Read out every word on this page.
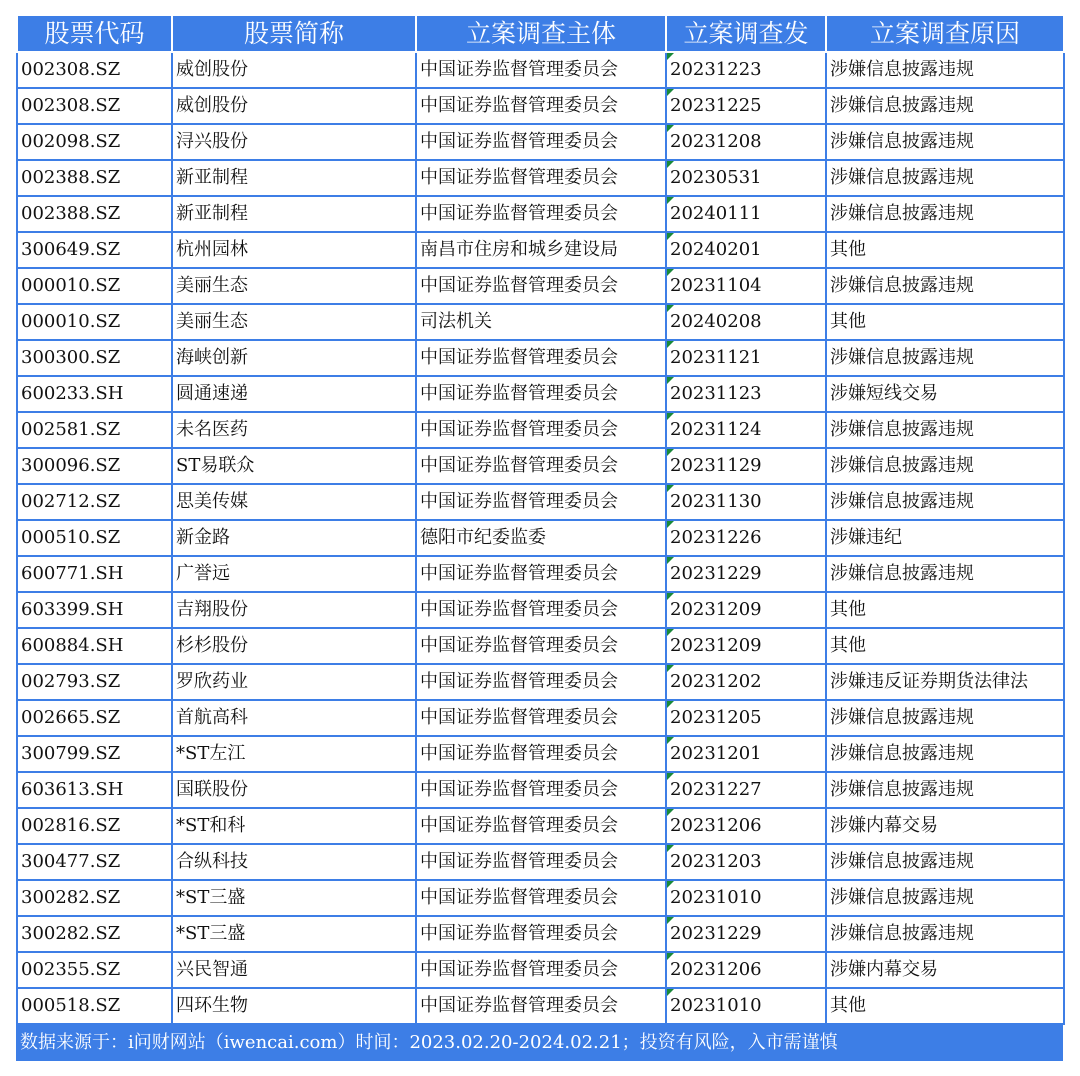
股票代码	股票简称	立案调查主体	立案调查发	立案调查原因
002308.SZ	威创股份	中国证券监督管理委员会	20231223	涉嫌信息披露违规
002308.SZ	威创股份	中国证券监督管理委员会	20231225	涉嫌信息披露违规
002098.SZ	浔兴股份	中国证券监督管理委员会	20231208	涉嫌信息披露违规
002388.SZ	新亚制程	中国证券监督管理委员会	20230531	涉嫌信息披露违规
002388.SZ	新亚制程	中国证券监督管理委员会	20240111	涉嫌信息披露违规
300649.SZ	杭州园林	南昌市住房和城乡建设局	20240201	其他
000010.SZ	美丽生态	中国证券监督管理委员会	20231104	涉嫌信息披露违规
000010.SZ	美丽生态	司法机关	20240208	其他
300300.SZ	海峡创新	中国证券监督管理委员会	20231121	涉嫌信息披露违规
600233.SH	圆通速递	中国证券监督管理委员会	20231123	涉嫌短线交易
002581.SZ	未名医药	中国证券监督管理委员会	20231124	涉嫌信息披露违规
300096.SZ	ST易联众	中国证券监督管理委员会	20231129	涉嫌信息披露违规
002712.SZ	思美传媒	中国证券监督管理委员会	20231130	涉嫌信息披露违规
000510.SZ	新金路	德阳市纪委监委	20231226	涉嫌违纪
600771.SH	广誉远	中国证券监督管理委员会	20231229	涉嫌信息披露违规
603399.SH	吉翔股份	中国证券监督管理委员会	20231209	其他
600884.SH	杉杉股份	中国证券监督管理委员会	20231209	其他
002793.SZ	罗欣药业	中国证券监督管理委员会	20231202	涉嫌违反证券期货法律法
002665.SZ	首航高科	中国证券监督管理委员会	20231205	涉嫌信息披露违规
300799.SZ	*ST左江	中国证券监督管理委员会	20231201	涉嫌信息披露违规
603613.SH	国联股份	中国证券监督管理委员会	20231227	涉嫌信息披露违规
002816.SZ	*ST和科	中国证券监督管理委员会	20231206	涉嫌内幕交易
300477.SZ	合纵科技	中国证券监督管理委员会	20231203	涉嫌信息披露违规
300282.SZ	*ST三盛	中国证券监督管理委员会	20231010	涉嫌信息披露违规
300282.SZ	*ST三盛	中国证券监督管理委员会	20231229	涉嫌信息披露违规
002355.SZ	兴民智通	中国证券监督管理委员会	20231206	涉嫌内幕交易
000518.SZ	四环生物	中国证券监督管理委员会	20231010	其他
数据来源于：i问财网站（iwencai.com）时间：2023.02.20-2024.02.21；投资有风险，入市需谨慎
